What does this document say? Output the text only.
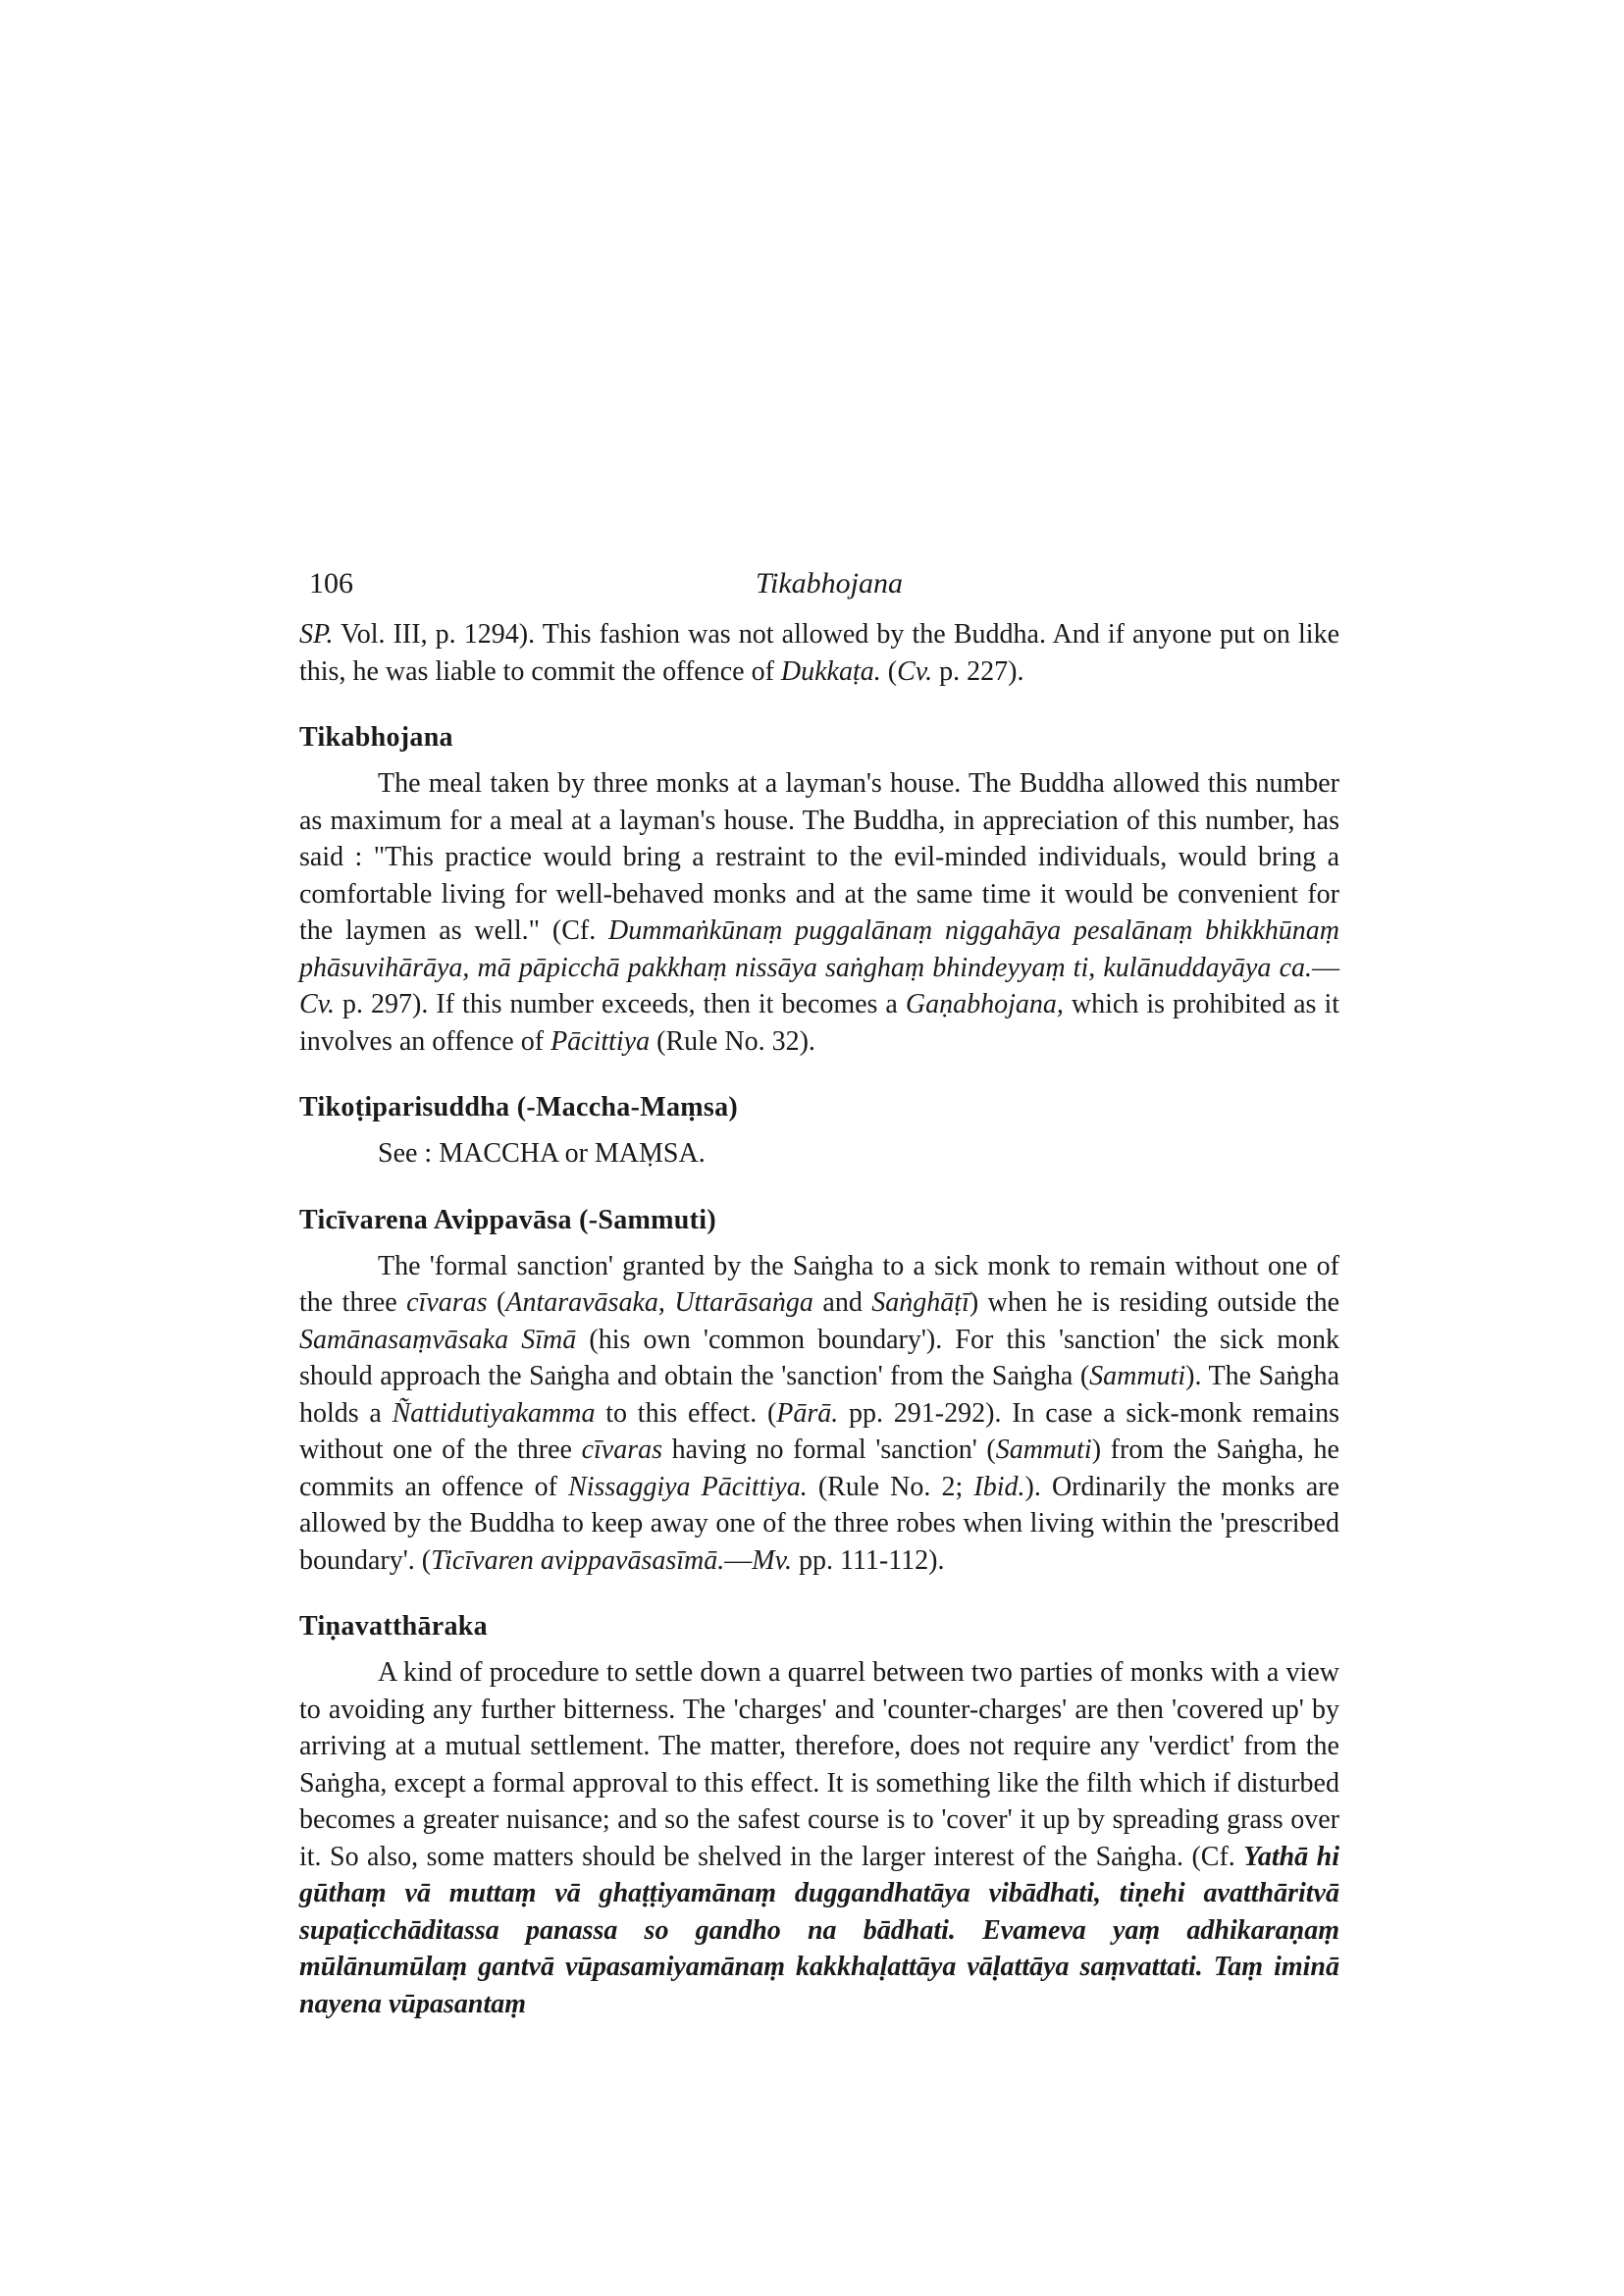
106	Tikabhojana

SP. Vol. III, p. 1294). This fashion was not allowed by the Buddha. And if anyone put on like this, he was liable to commit the offence of Dukkaṭa. (Cv. p. 227).

Tikabhojana

The meal taken by three monks at a layman's house. The Buddha allowed this number as maximum for a meal at a layman's house. The Buddha, in appreciation of this number, has said : "This practice would bring a restraint to the evil-minded individuals, would bring a comfortable living for well-behaved monks and at the same time it would be convenient for the laymen as well." (Cf. Dummaṅkūnaṃ puggalānaṃ niggahāya pesalānaṃ bhikkhūnaṃ phāsuvihārāya, mā pāpicchā pakkhaṃ nissāya saṅghaṃ bhindeyyaṃ ti, kulānuddayāya ca.—Cv. p. 297). If this number exceeds, then it becomes a Gaṇabhojana, which is prohibited as it involves an offence of Pācittiya (Rule No. 32).

Tikoṭiparisuddha (-Maccha-Maṃsa)

See : MACCHA or MAṂSA.

Ticīvarena Avippavāsa (-Sammuti)

The 'formal sanction' granted by the Saṅgha to a sick monk to remain without one of the three cīvaras (Antaravāsaka, Uttarāsaṅga and Saṅghāṭī) when he is residing outside the Samānasaṃvāsaka Sīmā (his own 'common boundary'). For this 'sanction' the sick monk should approach the Saṅgha and obtain the 'sanction' from the Saṅgha (Sammuti). The Saṅgha holds a Ñattidutiyakamma to this effect. (Pārā. pp. 291-292). In case a sick-monk remains without one of the three cīvaras having no formal 'sanction' (Sammuti) from the Saṅgha, he commits an offence of Nissaggiya Pācittiya. (Rule No. 2; Ibid.). Ordinarily the monks are allowed by the Buddha to keep away one of the three robes when living within the 'prescribed boundary'. (Ticīvaren avippavāsasīmā.—Mv. pp. 111-112).

Tiṇavatthāraka

A kind of procedure to settle down a quarrel between two parties of monks with a view to avoiding any further bitterness. The 'charges' and 'counter-charges' are then 'covered up' by arriving at a mutual settlement. The matter, therefore, does not require any 'verdict' from the Saṅgha, except a formal approval to this effect. It is something like the filth which if disturbed becomes a greater nuisance; and so the safest course is to 'cover' it up by spreading grass over it. So also, some matters should be shelved in the larger interest of the Saṅgha. (Cf. Yathā hi gūthaṃ vā muttaṃ vā ghaṭṭiyamānaṃ duggandhatāya vibādhati, tiṇehi avatthāritvā supaṭicchāditassa panassa so gandho na bādhati. Evameva yaṃ adhikaraṇaṃ mūlānumūlaṃ gantvā vūpasamiyamānaṃ kakkhaḷattāya vāḷattāya saṃvattati. Taṃ iminā nayena vūpasantaṃ
